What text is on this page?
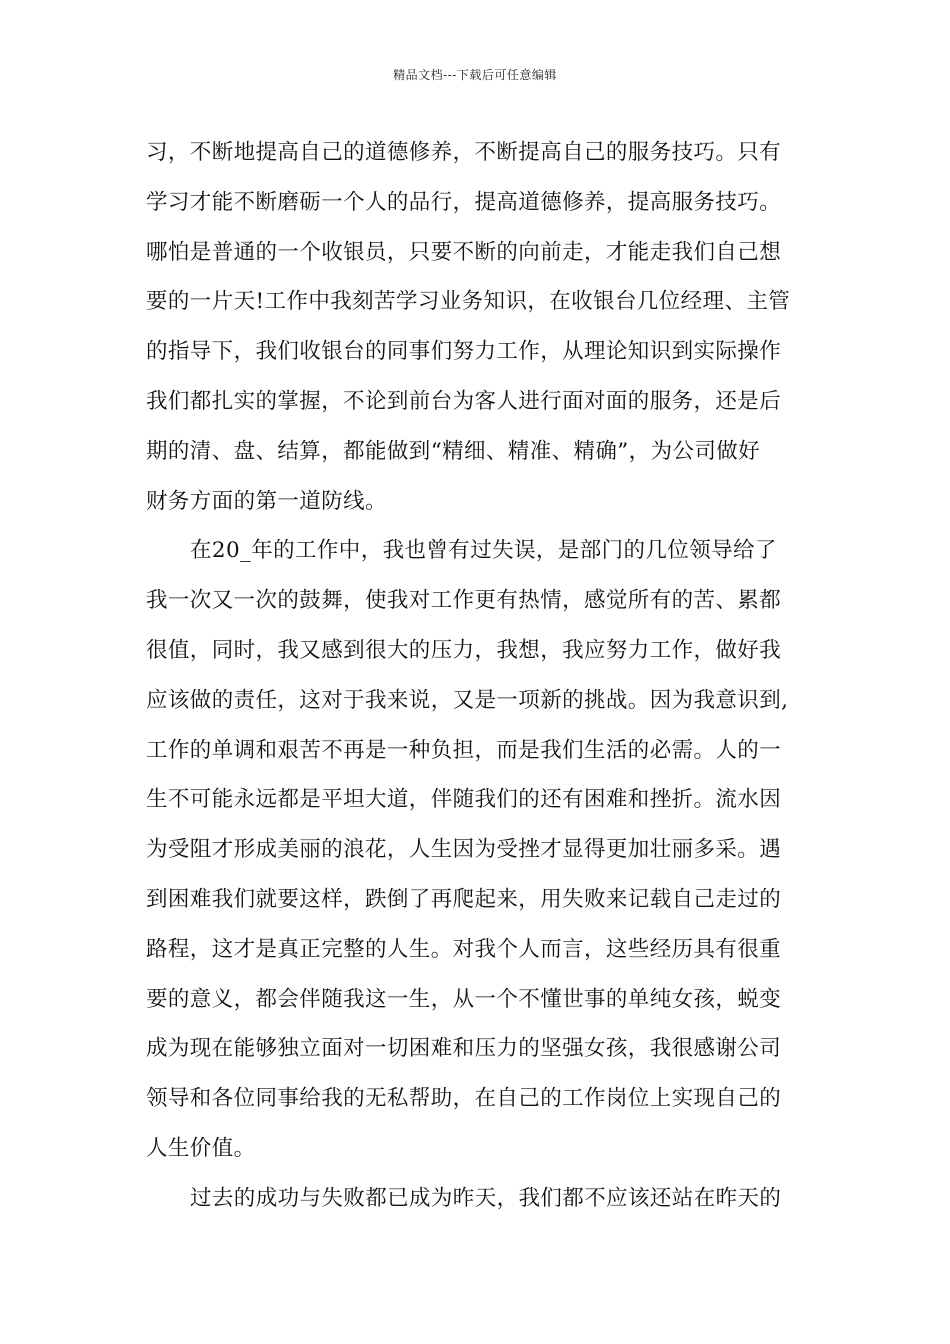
精品文档---下载后可任意编辑
习，不断地提高自己的道德修养，不断提高自己的服务技巧。只有
学习才能不断磨砺一个人的品行，提高道德修养，提高服务技巧。
哪怕是普通的一个收银员，只要不断的向前走，才能走我们自己想
要的一片天!工作中我刻苦学习业务知识，在收银台几位经理、主管
的指导下，我们收银台的同事们努力工作，从理论知识到实际操作
我们都扎实的掌握，不论到前台为客人进行面对面的服务，还是后
期的清、盘、结算，都能做到“精细、精准、精确”，为公司做好
财务方面的第一道防线。
在20_年的工作中，我也曾有过失误，是部门的几位领导给了
我一次又一次的鼓舞，使我对工作更有热情，感觉所有的苦、累都
很值，同时，我又感到很大的压力，我想，我应努力工作，做好我
应该做的责任，这对于我来说，又是一项新的挑战。因为我意识到,
工作的单调和艰苦不再是一种负担，而是我们生活的必需。人的一
生不可能永远都是平坦大道，伴随我们的还有困难和挫折。流水因
为受阻才形成美丽的浪花，人生因为受挫才显得更加壮丽多采。遇
到困难我们就要这样，跌倒了再爬起来，用失败来记载自己走过的
路程，这才是真正完整的人生。对我个人而言，这些经历具有很重
要的意义，都会伴随我这一生，从一个不懂世事的单纯女孩，蜕变
成为现在能够独立面对一切困难和压力的坚强女孩，我很感谢公司
领导和各位同事给我的无私帮助，在自己的工作岗位上实现自己的
人生价值。
过去的成功与失败都已成为昨天，我们都不应该还站在昨天的
